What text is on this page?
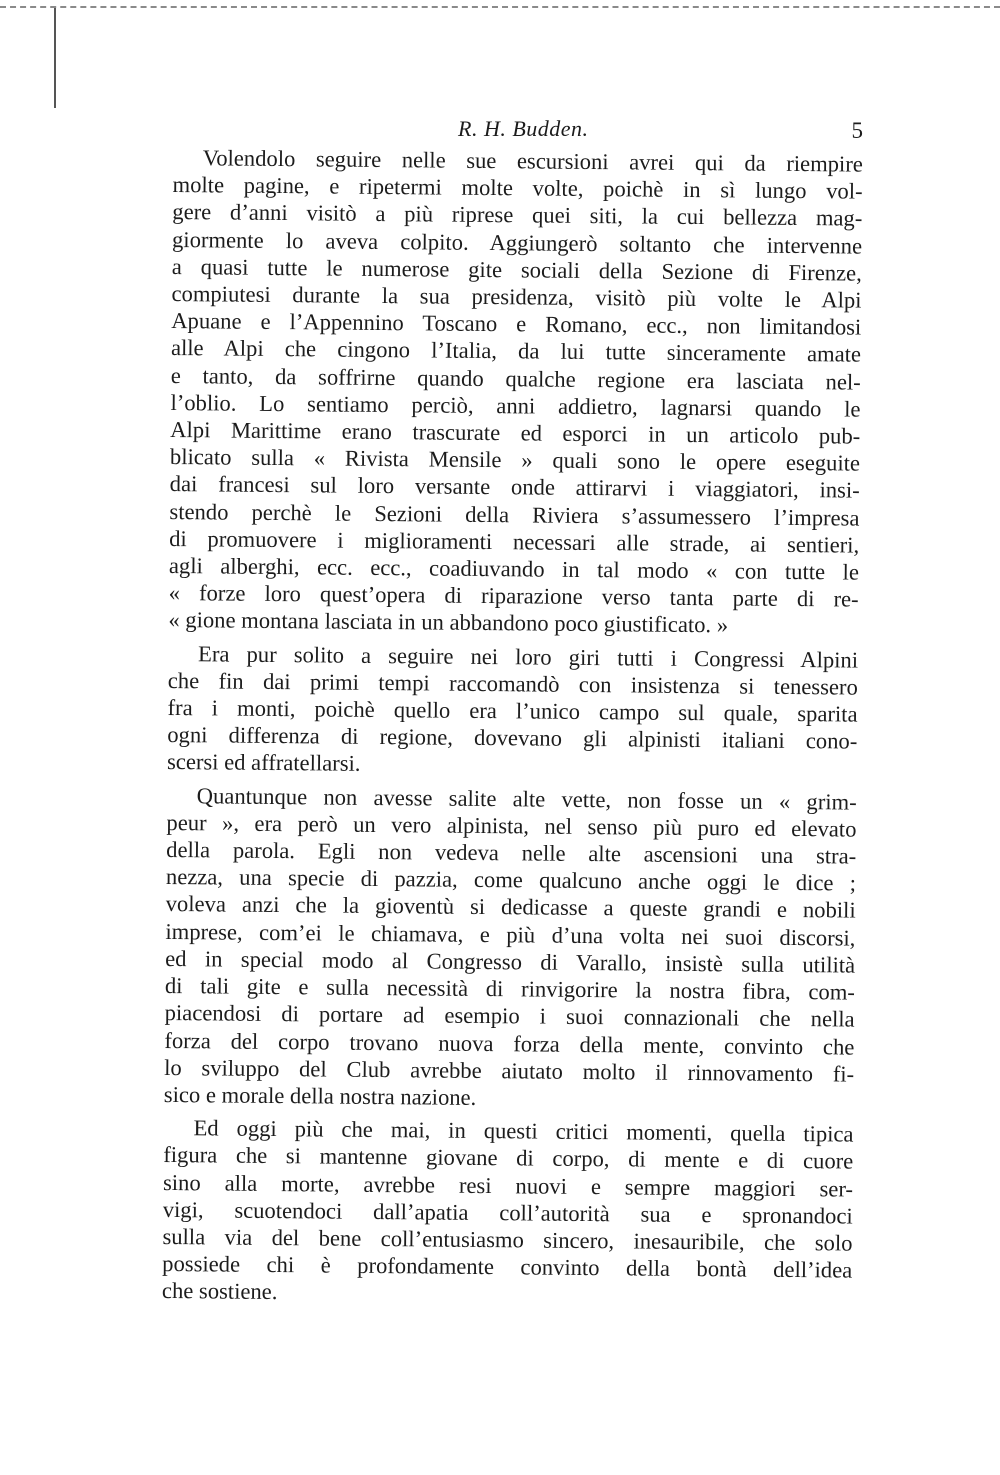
R. H. Budden.	5
Volendolo seguire nelle sue escursioni avrei qui da riempire
molte pagine, e ripetermi molte volte, poichè in sì lungo vol-
gere d’anni visitò a più riprese quei siti, la cui bellezza mag-
giormente lo aveva colpito. Aggiungerò soltanto che intervenne
a quasi tutte le numerose gite sociali della Sezione di Firenze,
compiutesi durante la sua presidenza, visitò più volte le Alpi
Apuane e l’Appennino Toscano e Romano, ecc., non limitandosi
alle Alpi che cingono l’Italia, da lui tutte sinceramente amate
e tanto, da soffrirne quando qualche regione era lasciata nel-
l’oblio. Lo sentiamo perciò, anni addietro, lagnarsi quando le
Alpi Marittime erano trascurate ed esporci in un articolo pub-
blicato sulla « Rivista Mensile » quali sono le opere eseguite
dai francesi sul loro versante onde attirarvi i viaggiatori, insi-
stendo perchè le Sezioni della Riviera s’assumessero l’impresa
di promuovere i miglioramenti necessari alle strade, ai sentieri,
agli alberghi, ecc. ecc., coadiuvando in tal modo « con tutte le
« forze loro quest’opera di riparazione verso tanta parte di re-
« gione montana lasciata in un abbandono poco giustificato. »
Era pur solito a seguire nei loro giri tutti i Congressi Alpini
che fin dai primi tempi raccomandò con insistenza si tenessero
fra i monti, poichè quello era l’unico campo sul quale, sparita
ogni differenza di regione, dovevano gli alpinisti italiani cono-
scersi ed affratellarsi.
Quantunque non avesse salite alte vette, non fosse un « grim-
peur », era però un vero alpinista, nel senso più puro ed elevato
della parola. Egli non vedeva nelle alte ascensioni una stra-
nezza, una specie di pazzia, come qualcuno anche oggi le dice ;
voleva anzi che la gioventù si dedicasse a queste grandi e nobili
imprese, com’ei le chiamava, e più d’una volta nei suoi discorsi,
ed in special modo al Congresso di Varallo, insistè sulla utilità
di tali gite e sulla necessità di rinvigorire la nostra fibra, com-
piacendosi di portare ad esempio i suoi connazionali che nella
forza del corpo trovano nuova forza della mente, convinto che
lo sviluppo del Club avrebbe aiutato molto il rinnovamento fi-
sico e morale della nostra nazione.
Ed oggi più che mai, in questi critici momenti, quella tipica
figura che si mantenne giovane di corpo, di mente e di cuore
sino alla morte, avrebbe resi nuovi e sempre maggiori ser-
vigi, scuotendoci dall’apatia coll’autorità sua e spronandoci
sulla via del bene coll’entusiasmo sincero, inesauribile, che solo
possiede chi è profondamente convinto della bontà dell’idea
che sostiene.
